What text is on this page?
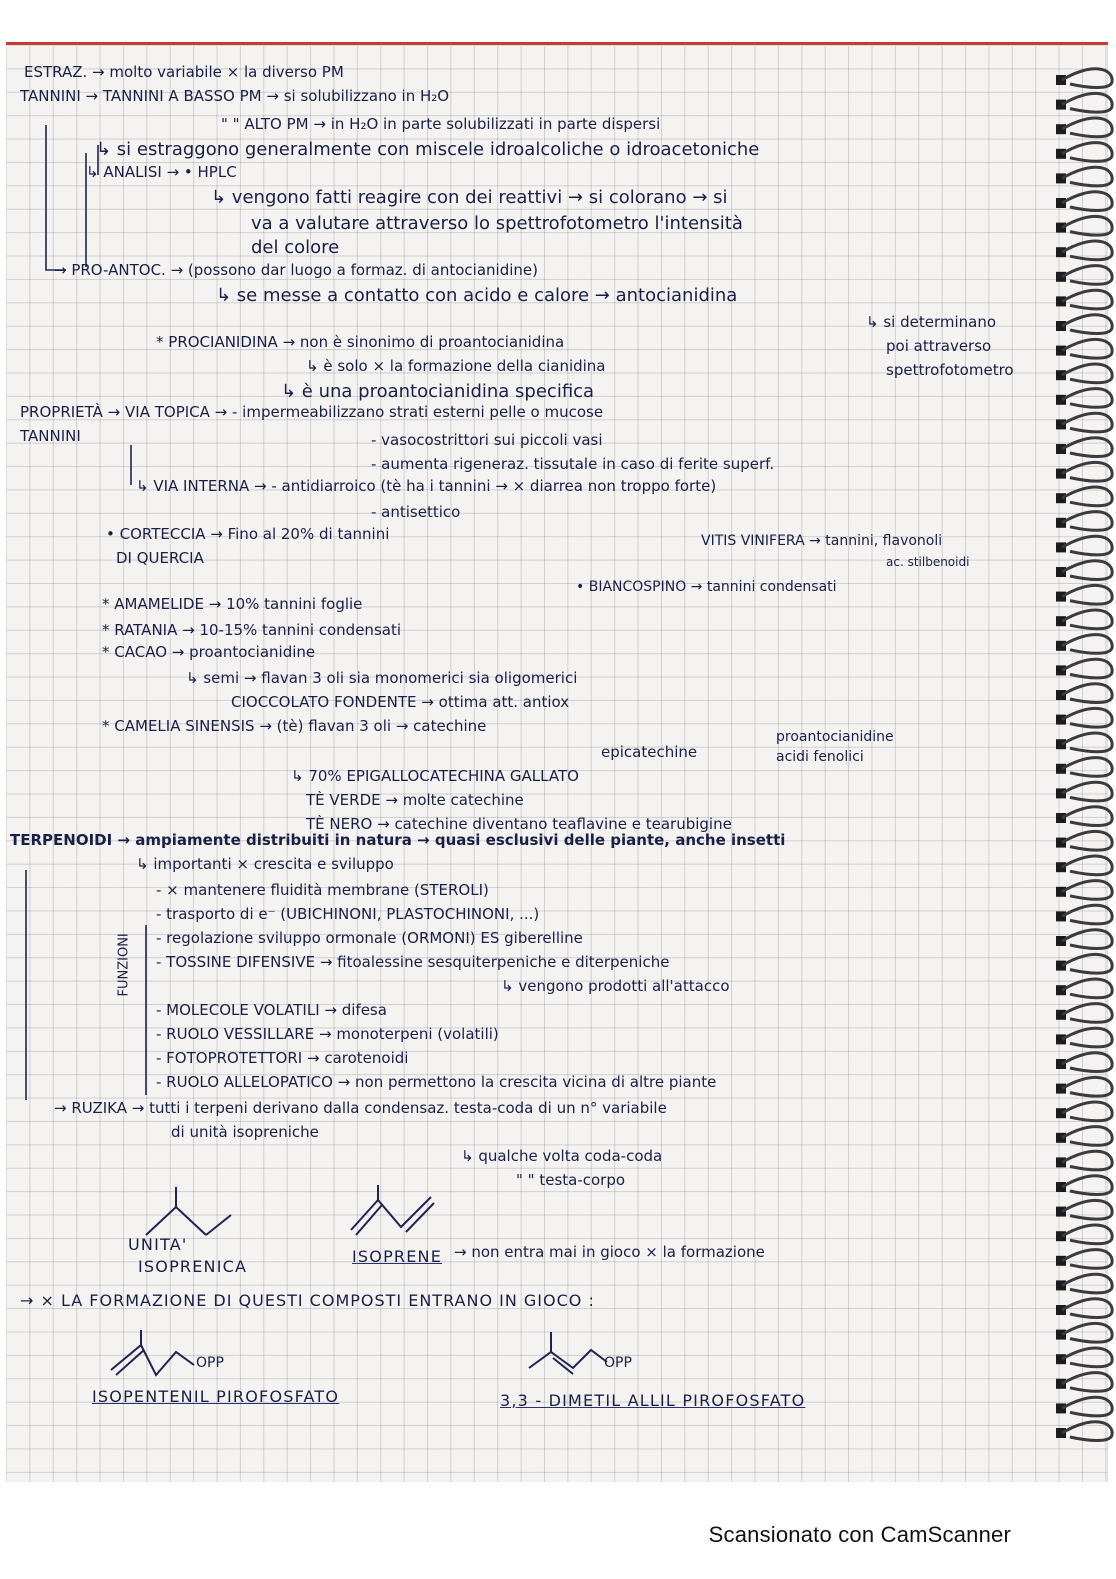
ESTRAZ. → molto variabile × la diverso PM
TANNINI → TANNINI A BASSO PM → si solubilizzano in H₂O
" " ALTO PM → in H₂O in parte solubilizzati in parte dispersi
↳ si estraggono generalmente con miscele idroalcoliche o idroacetoniche
↳ ANALISI → • HPLC
↳ vengono fatti reagire con dei reattivi → si colorano → si
va a valutare attraverso lo spettrofotometro l'intensità
del colore
→ PRO-ANTOC. → (possono dar luogo a formaz. di antocianidine)
↳ se messe a contatto con acido e calore → antocianidina
↳ si determinano
poi attraverso
spettrofotometro
* PROCIANIDINA → non è sinonimo di proantocianidina
↳ è solo × la formazione della cianidina
↳ è una proantocianidina specifica
PROPRIETÀ → VIA TOPICA → - impermeabilizzano strati esterni pelle o mucose
TANNINI	- vasocostrittori sui piccoli vasi
- aumenta rigeneraz. tissutale in caso di ferite superf.
↳ VIA INTERNA → - antidiarroico (tè ha i tannini → × diarrea non troppo forte)
- antisettico
• CORTECCIA → Fino al 20% di tannini
DI QUERCIA
VITIS VINIFERA → tannini, flavonoli
ac. stilbenoidi
• BIANCOSPINO → tannini condensati
* AMAMELIDE → 10% tannini foglie
* RATANIA → 10-15% tannini condensati
* CACAO → proantocianidine
↳ semi → flavan 3 oli sia monomerici sia oligomerici
CIOCCOLATO FONDENTE → ottima att. antiox
* CAMELIA SINENSIS → (tè) flavan 3 oli → catechine
epicatechine
proantocianidine
acidi fenolici
↳ 70% EPIGALLOCATECHINA GALLATO
TÈ VERDE → molte catechine
TÈ NERO → catechine diventano teaflavine e tearubigine
TERPENOIDI → ampiamente distribuiti in natura → quasi esclusivi delle piante, anche insetti
↳ importanti × crescita e sviluppo
- × mantenere fluidità membrane (STEROLI)
- trasporto di e⁻ (UBICHINONI, PLASTOCHINONI, ...)
- regolazione sviluppo ormonale (ORMONI) ES giberelline
- TOSSINE DIFENSIVE → fitoalessine sesquiterpeniche e diterpeniche
↳ vengono prodotti all'attacco
- MOLECOLE VOLATILI → difesa
- RUOLO VESSILLARE → monoterpeni (volatili)
- FOTOPROTETTORI → carotenoidi
- RUOLO ALLELOPATICO → non permettono la crescita vicina di altre piante
FUNZIONI
→ RUZIKA → tutti i terpeni derivano dalla condensaz. testa-coda di un n° variabile
di unità isopreniche
↳ qualche volta coda-coda
" " testa-corpo
UNITA'
ISOPRENICA
ISOPRENE → non entra mai in gioco × la formazione
→ × LA FORMAZIONE DI QUESTI COMPOSTI ENTRANO IN GIOCO :
OPP
ISOPENTENIL PIROFOSFATO
OPP
3,3 - DIMETIL ALLIL PIROFOSFATO
Scansionato con CamScanner
